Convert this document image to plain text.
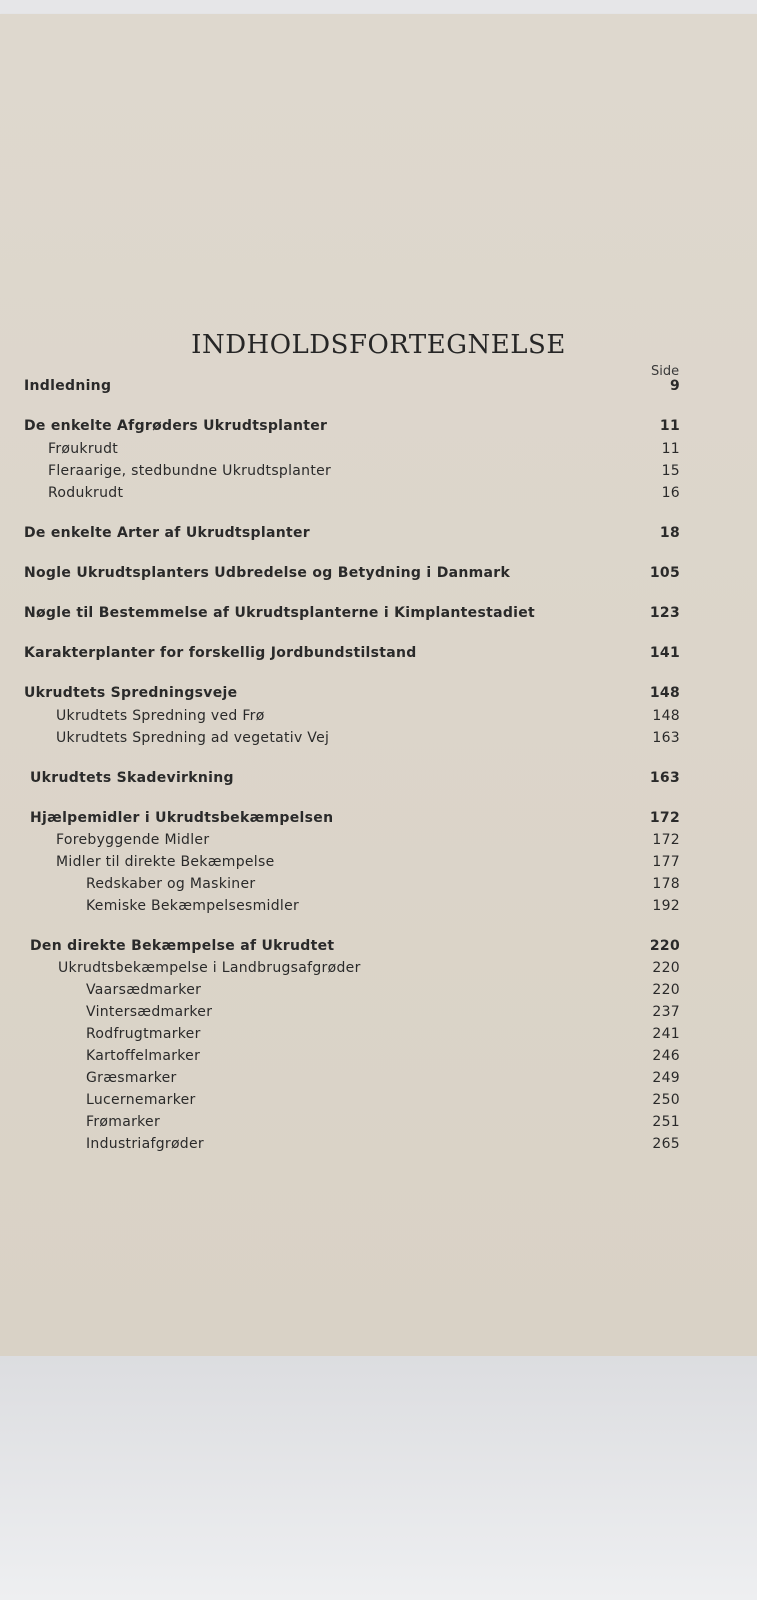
INDHOLDSFORTEGNELSE
Side
Indledning	9
De enkelte Afgrøders Ukrudtsplanter	11
Frøukrudt	11
Fleraarige, stedbundne Ukrudtsplanter	15
Rodukrudt	16
De enkelte Arter af Ukrudtsplanter	18
Nogle Ukrudtsplanters Udbredelse og Betydning i Danmark	105
Nøgle til Bestemmelse af Ukrudtsplanterne i Kimplantestadiet	123
Karakterplanter for forskellig Jordbundstilstand	141
Ukrudtets Spredningsveje	148
Ukrudtets Spredning ved Frø	148
Ukrudtets Spredning ad vegetativ Vej	163
Ukrudtets Skadevirkning	163
Hjælpemidler i Ukrudtsbekæmpelsen	172
Forebyggende Midler	172
Midler til direkte Bekæmpelse	177
Redskaber og Maskiner	178
Kemiske Bekæmpelsesmidler	192
Den direkte Bekæmpelse af Ukrudtet	220
Ukrudtsbekæmpelse i Landbrugsafgrøder	220
Vaarsædmarker	220
Vintersædmarker	237
Rodfrugtmarker	241
Kartoffelmarker	246
Græsmarker	249
Lucernemarker	250
Frømarker	251
Industriafgrøder	265
